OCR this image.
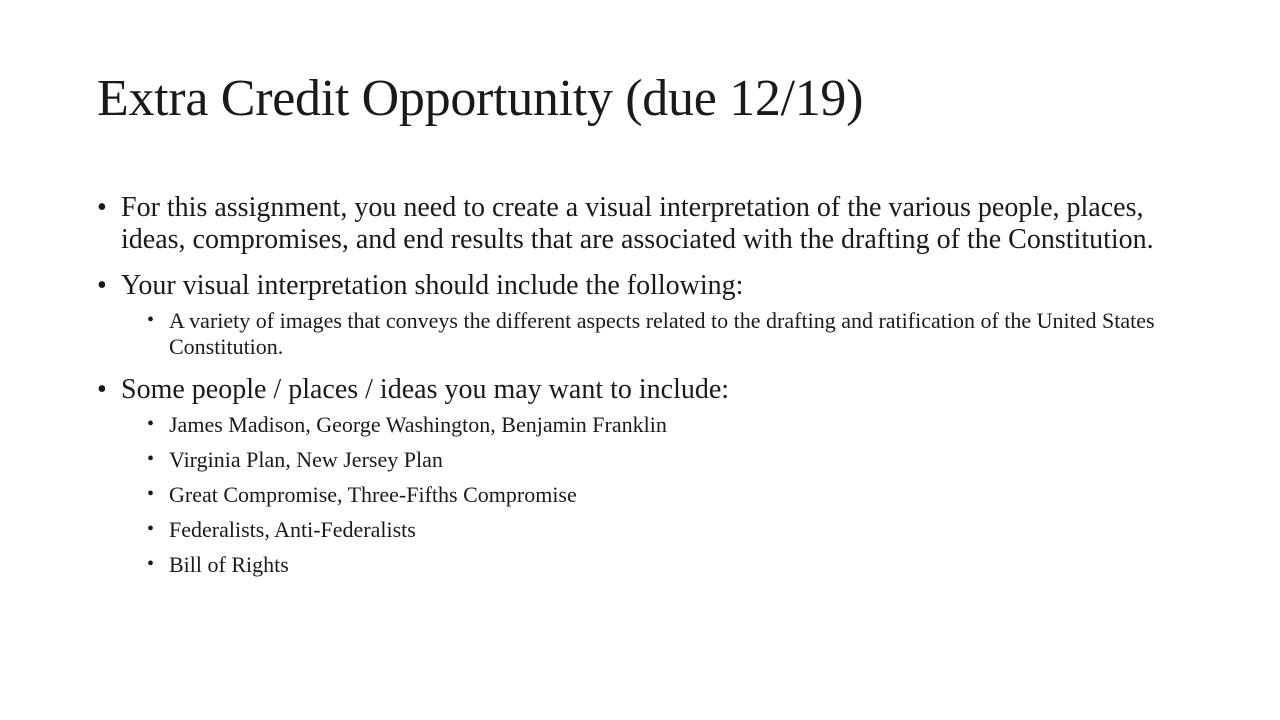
Extra Credit Opportunity (due 12/19)
• For this assignment, you need to create a visual interpretation of the various people, places, ideas, compromises, and end results that are associated with the drafting of the Constitution.
• Your visual interpretation should include the following:
• A variety of images that conveys the different aspects related to the drafting and ratification of the United States Constitution.
• Some people / places / ideas you may want to include:
• James Madison, George Washington, Benjamin Franklin
• Virginia Plan, New Jersey Plan
• Great Compromise, Three-Fifths Compromise
• Federalists, Anti-Federalists
• Bill of Rights
